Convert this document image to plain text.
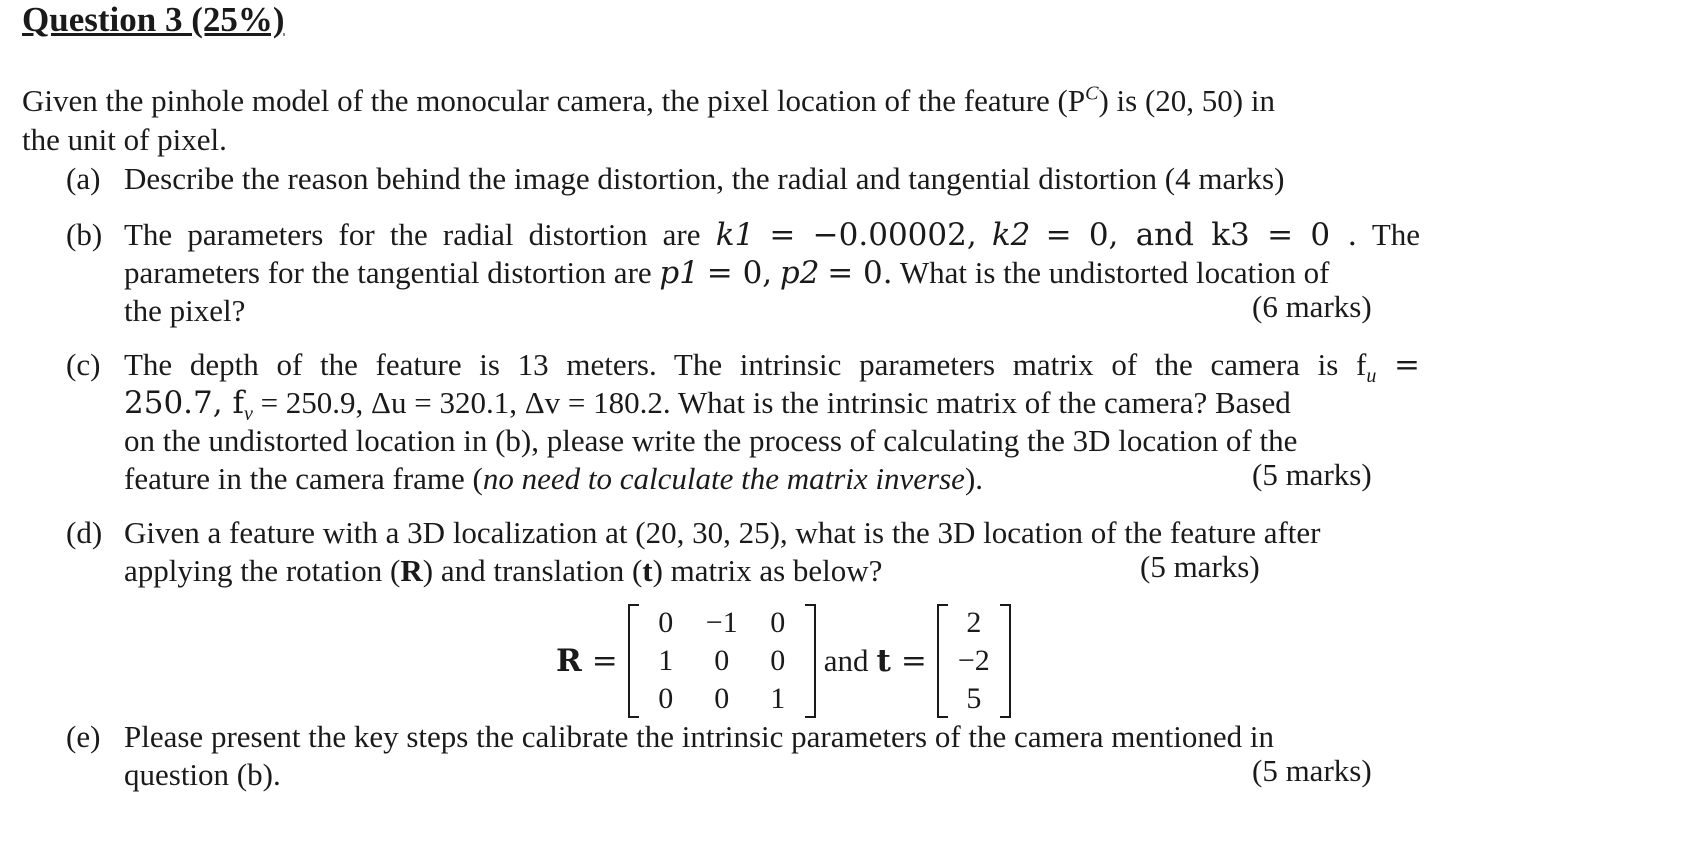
Question 3 (25%)
Given the pinhole model of the monocular camera, the pixel location of the feature $(P^C)$ is (20, 50) in
the unit of pixel.
(a) Describe the reason behind the image distortion, the radial and tangential distortion (4 marks)
(b) The parameters for the radial distortion are k1 = −0.00002, k2 = 0, and k3 = 0 . The
parameters for the tangential distortion are p1 = 0, p2 = 0. What is the undistorted location of
the pixel?	(6 marks)
(c) The depth of the feature is 13 meters. The intrinsic parameters matrix of the camera is $f_u$ =
250.7, $f_v = 250.9$, Δu = 320.1, Δv = 180.2. What is the intrinsic matrix of the camera? Based
on the undistorted location in (b), please write the process of calculating the 3D location of the
feature in the camera frame (no need to calculate the matrix inverse).	(5 marks)
(d) Given a feature with a 3D localization at (20, 30, 25), what is the 3D location of the feature after
applying the rotation (R) and translation (t) matrix as below?	(5 marks)
R =
0 −1 0
1 0 0
0 0 1
and t =
2
−2
5
(e) Please present the key steps the calibrate the intrinsic parameters of the camera mentioned in
question (b).	(5 marks)
